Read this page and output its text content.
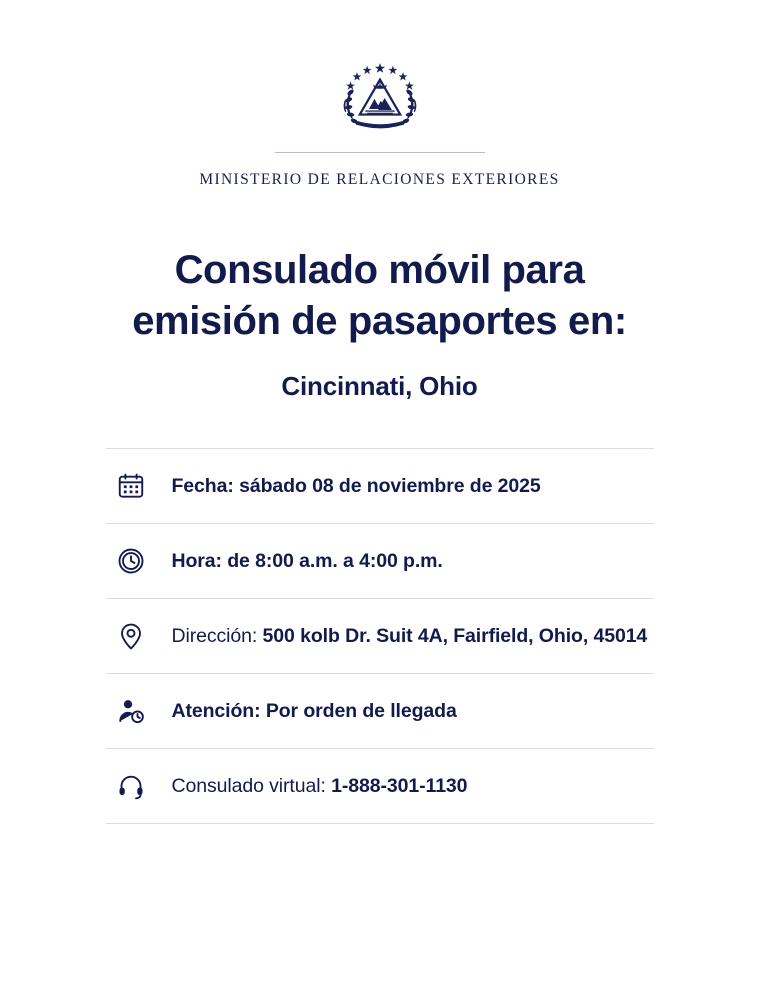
MINISTERIO DE RELACIONES EXTERIORES
Consulado móvil para
emisión de pasaportes en:
Cincinnati, Ohio
Fecha: sábado 08 de noviembre de 2025
Hora: de 8:00 a.m. a 4:00 p.m.
Dirección: 500 kolb Dr. Suit 4A, Fairfield, Ohio, 45014
Atención: Por orden de llegada
Consulado virtual: 1-888-301-1130
